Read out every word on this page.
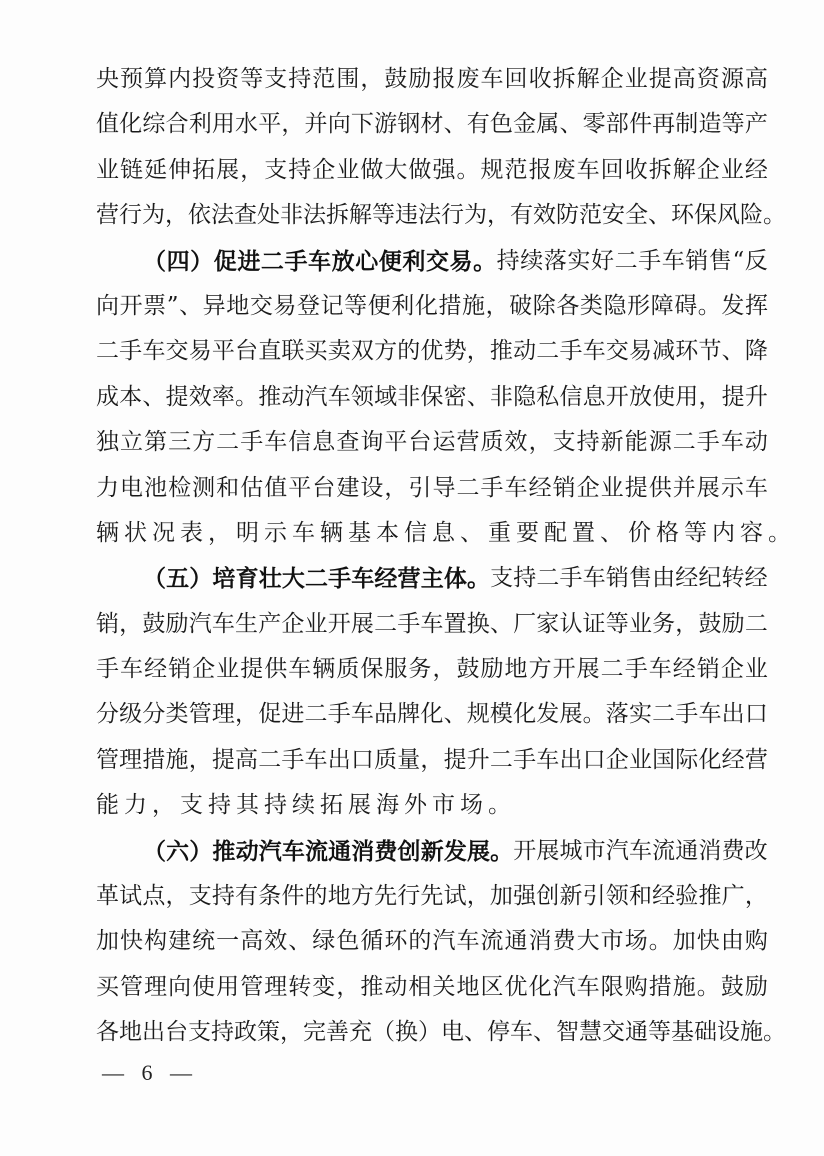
央 预 算 内 投 资 等 支 持 范 围 ， 鼓 励 报 废 车 回 收 拆 解 企 业 提 高 资 源 高
值 化 综 合 利 用 水 平 ， 并 向 下 游 钢 材 、 有 色 金 属 、 零 部 件 再 制 造 等 产
业 链 延 伸 拓 展 ， 支 持 企 业 做 大 做 强 。 规 范 报 废 车 回 收 拆 解 企 业 经
营 行 为 ， 依 法 查 处 非 法 拆 解 等 违 法 行 为 ， 有 效 防 范 安 全 、 环 保 风 险 。
（ 四 ） 促 进 二 手 车 放 心 便 利 交 易 。 持 续 落 实 好 二 手 车 销 售 “ 反
向 开 票 ” 、 异 地 交 易 登 记 等 便 利 化 措 施 ， 破 除 各 类 隐 形 障 碍 。 发 挥
二 手 车 交 易 平 台 直 联 买 卖 双 方 的 优 势 ， 推 动 二 手 车 交 易 减 环 节 、 降
成 本 、 提 效 率 。 推 动 汽 车 领 域 非 保 密 、 非 隐 私 信 息 开 放 使 用 ， 提 升
独 立 第 三 方 二 手 车 信 息 查 询 平 台 运 营 质 效 ， 支 持 新 能 源 二 手 车 动
力 电 池 检 测 和 估 值 平 台 建 设 ， 引 导 二 手 车 经 销 企 业 提 供 并 展 示 车
辆 状 况 表 ， 明 示 车 辆 基 本 信 息 、 重 要 配 置 、 价 格 等 内 容 。
（ 五 ） 培 育 壮 大 二 手 车 经 营 主 体 。 支 持 二 手 车 销 售 由 经 纪 转 经
销 ， 鼓 励 汽 车 生 产 企 业 开 展 二 手 车 置 换 、 厂 家 认 证 等 业 务 ， 鼓 励 二
手 车 经 销 企 业 提 供 车 辆 质 保 服 务 ， 鼓 励 地 方 开 展 二 手 车 经 销 企 业
分 级 分 类 管 理 ， 促 进 二 手 车 品 牌 化 、 规 模 化 发 展 。 落 实 二 手 车 出 口
管 理 措 施 ， 提 高 二 手 车 出 口 质 量 ， 提 升 二 手 车 出 口 企 业 国 际 化 经 营
能 力 ， 支 持 其 持 续 拓 展 海 外 市 场 。
（ 六 ） 推 动 汽 车 流 通 消 费 创 新 发 展 。 开 展 城 市 汽 车 流 通 消 费 改
革 试 点 ， 支 持 有 条 件 的 地 方 先 行 先 试 ， 加 强 创 新 引 领 和 经 验 推 广 ，
加 快 构 建 统 一 高 效 、 绿 色 循 环 的 汽 车 流 通 消 费 大 市 场 。 加 快 由 购
买 管 理 向 使 用 管 理 转 变 ， 推 动 相 关 地 区 优 化 汽 车 限 购 措 施 。 鼓 励
各 地 出 台 支 持 政 策 ， 完 善 充 （ 换 ） 电 、 停 车 、 智 慧 交 通 等 基 础 设 施 。
— 6 —
